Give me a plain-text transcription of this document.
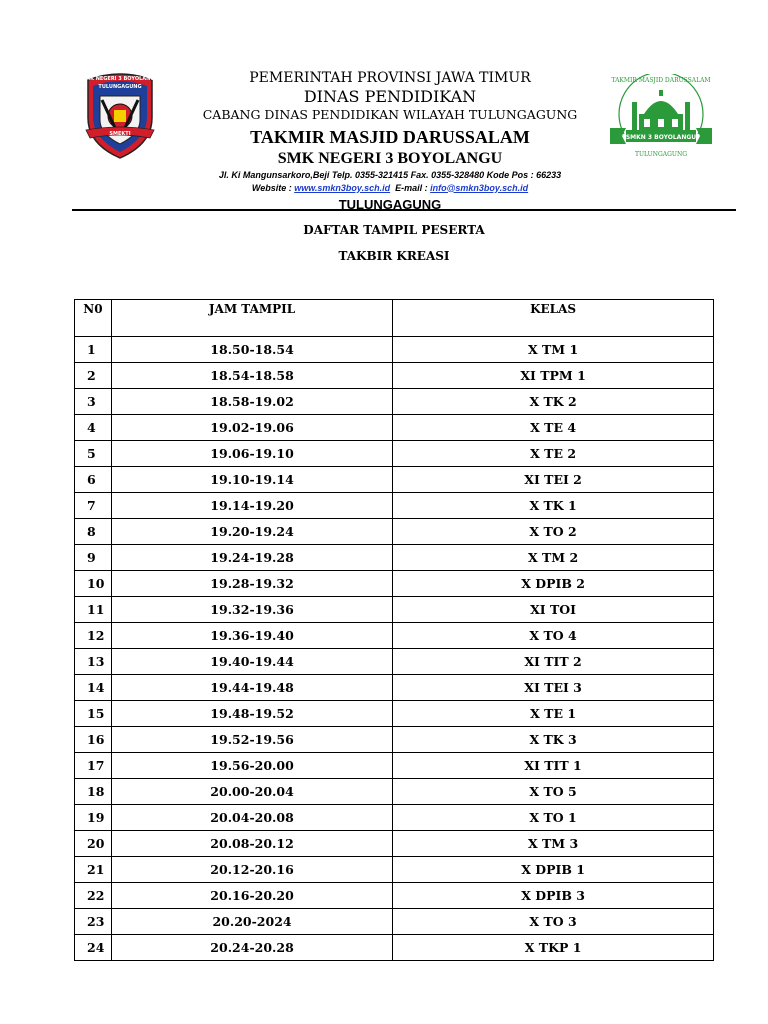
SMK NEGERI 3 BOYOLANGU
TULUNGAGUNG
SMEKTI
TAKMIR MASJID DARUSSALAM
SMKN 3 BOYOLANGU
TULUNGAGUNG
PEMERINTAH PROVINSI JAWA TIMUR
DINAS PENDIDIKAN
CABANG DINAS PENDIDIKAN WILAYAH TULUNGAGUNG
TAKMIR MASJID DARUSSALAM
SMK NEGERI 3 BOYOLANGU
Jl. Ki Mangunsarkoro,Beji Telp. 0355-321415 Fax. 0355-328480 Kode Pos : 66233
Website : www.smkn3boy.sch.id E-mail : info@smkn3boy.sch.id
TULUNGAGUNG
DAFTAR TAMPIL PESERTA
TAKBIR KREASI
N0	JAM TAMPIL	KELAS
1	18.50-18.54	X TM 1
2	18.54-18.58	XI TPM 1
3	18.58-19.02	X TK 2
4	19.02-19.06	X TE 4
5	19.06-19.10	X TE 2
6	19.10-19.14	XI TEI 2
7	19.14-19.20	X TK 1
8	19.20-19.24	X TO 2
9	19.24-19.28	X TM 2
10	19.28-19.32	X DPIB 2
11	19.32-19.36	XI TOI
12	19.36-19.40	X TO 4
13	19.40-19.44	XI TIT 2
14	19.44-19.48	XI TEI 3
15	19.48-19.52	X TE 1
16	19.52-19.56	X TK 3
17	19.56-20.00	XI TIT 1
18	20.00-20.04	X TO 5
19	20.04-20.08	X TO 1
20	20.08-20.12	X TM 3
21	20.12-20.16	X DPIB 1
22	20.16-20.20	X DPIB 3
23	20.20-2024	X TO 3
24	20.24-20.28	X TKP 1
